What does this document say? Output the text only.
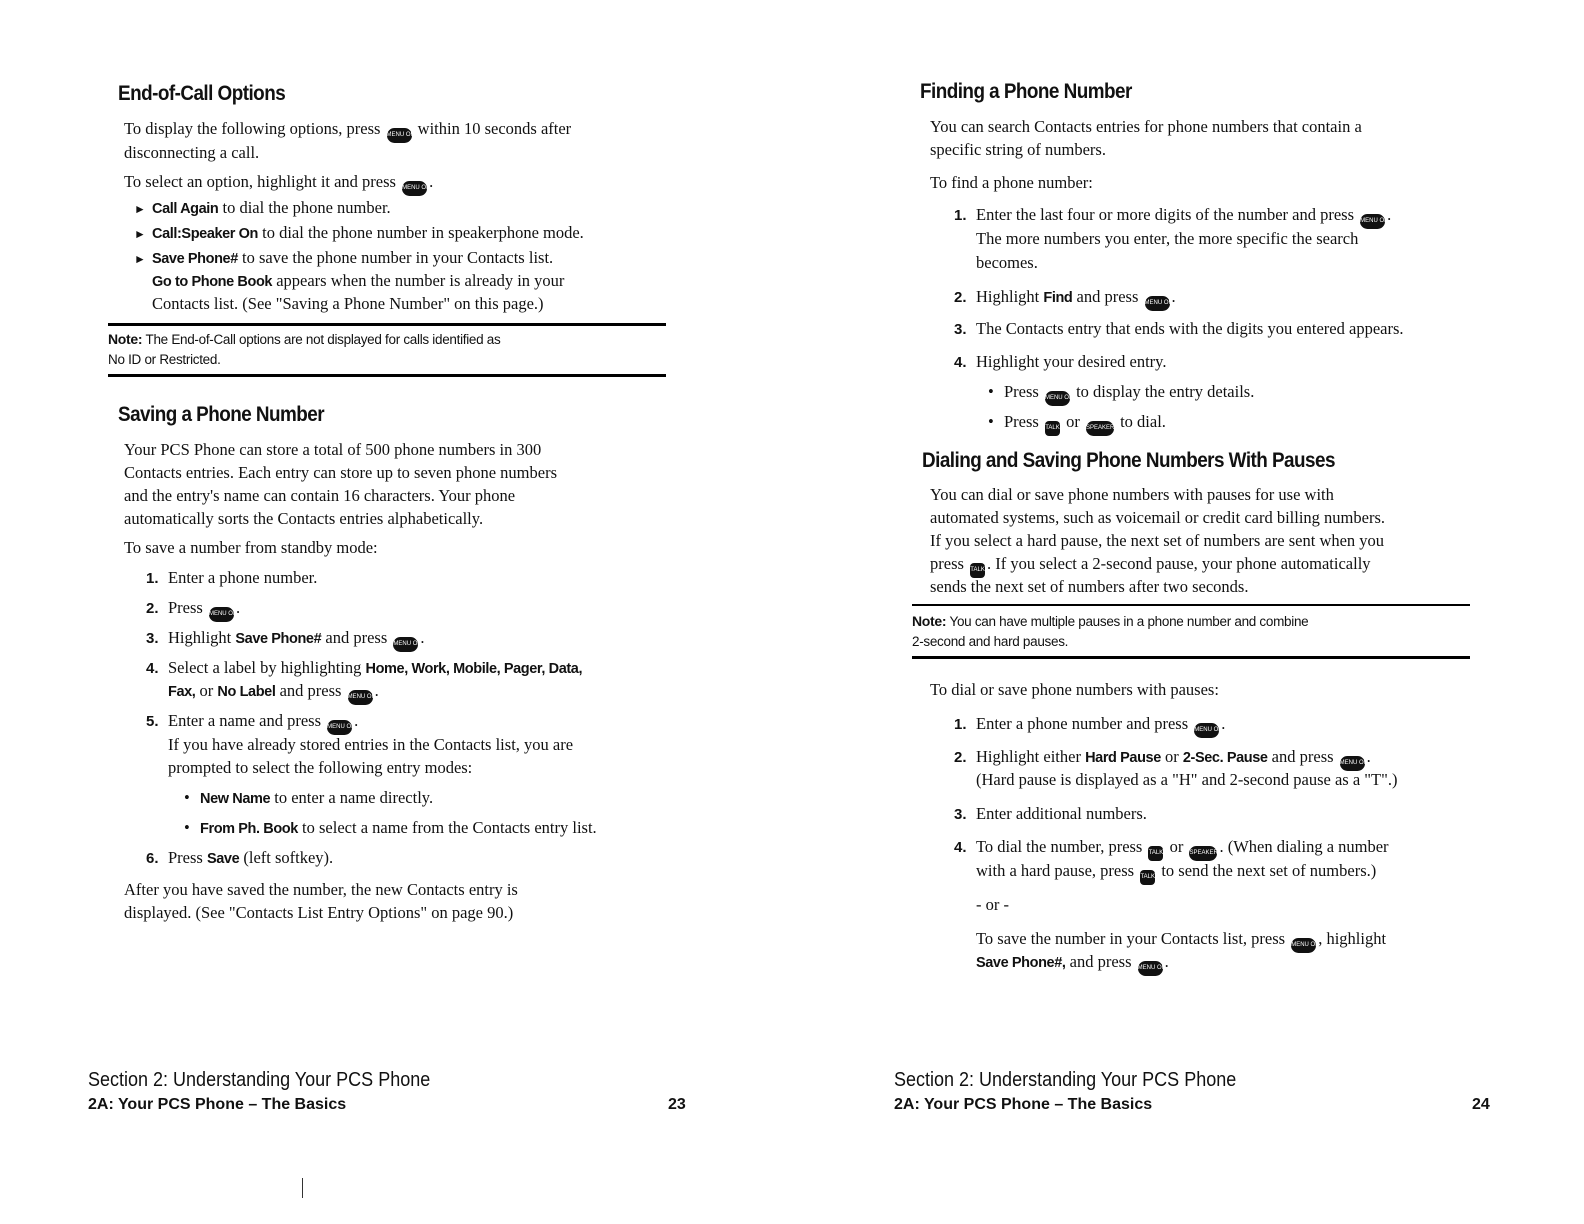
End-of-Call Options
To display the following options, press MENU OK within 10 seconds after
disconnecting a call.
To select an option, highlight it and press MENU OK.
► Call Again to dial the phone number.
► Call:Speaker On to dial the phone number in speakerphone mode.
► Save Phone# to save the phone number in your Contacts list.
Go to Phone Book appears when the number is already in your
Contacts list. (See "Saving a Phone Number" on this page.)
Note: The End-of-Call options are not displayed for calls identified as
No ID or Restricted.
Saving a Phone Number
Your PCS Phone can store a total of 500 phone numbers in 300
Contacts entries. Each entry can store up to seven phone numbers
and the entry's name can contain 16 characters. Your phone
automatically sorts the Contacts entries alphabetically.
To save a number from standby mode:
1. Enter a phone number.
2. Press MENU OK.
3. Highlight Save Phone# and press MENU OK.
4. Select a label by highlighting Home, Work, Mobile, Pager, Data,
Fax, or No Label and press MENU OK.
5. Enter a name and press MENU OK.
If you have already stored entries in the Contacts list, you are
prompted to select the following entry modes:
• New Name to enter a name directly.
• From Ph. Book to select a name from the Contacts entry list.
6. Press Save (left softkey).
After you have saved the number, the new Contacts entry is
displayed. (See "Contacts List Entry Options" on page 90.)
Section 2: Understanding Your PCS Phone
2A: Your PCS Phone – The Basics	23
Finding a Phone Number
You can search Contacts entries for phone numbers that contain a
specific string of numbers.
To find a phone number:
1. Enter the last four or more digits of the number and press MENU OK.
The more numbers you enter, the more specific the search
becomes.
2. Highlight Find and press MENU OK.
3. The Contacts entry that ends with the digits you entered appears.
4. Highlight your desired entry.
• Press MENU OK to display the entry details.
• Press TALK or SPEAKER to dial.
Dialing and Saving Phone Numbers With Pauses
You can dial or save phone numbers with pauses for use with
automated systems, such as voicemail or credit card billing numbers.
If you select a hard pause, the next set of numbers are sent when you
press TALK . If you select a 2-second pause, your phone automatically
sends the next set of numbers after two seconds.
Note: You can have multiple pauses in a phone number and combine
2-second and hard pauses.
To dial or save phone numbers with pauses:
1. Enter a phone number and press MENU OK.
2. Highlight either Hard Pause or 2-Sec. Pause and press MENU OK.
(Hard pause is displayed as a "H" and 2-second pause as a "T".)
3. Enter additional numbers.
4. To dial the number, press TALK or SPEAKER. (When dialing a number
with a hard pause, press TALK to send the next set of numbers.)
- or -
To save the number in your Contacts list, press MENU OK, highlight
Save Phone#, and press MENU OK.
Section 2: Understanding Your PCS Phone
2A: Your PCS Phone – The Basics	24
